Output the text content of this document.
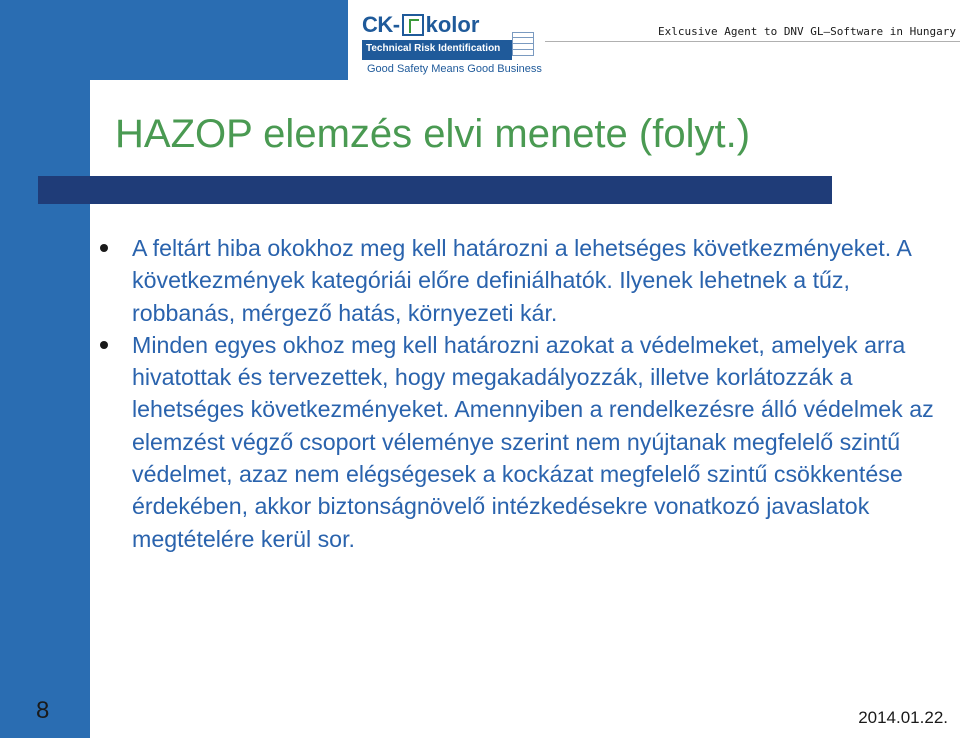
CK- kolor
Technical Risk Identification
Good Safety Means Good Business
Exlcusive Agent to DNV GL—Software in Hungary
HAZOP elemzés elvi menete (folyt.)
A feltárt hiba okokhoz meg kell határozni a lehetséges következményeket. A következmények kategóriái előre definiálhatók. Ilyenek lehetnek a tűz, robbanás, mérgező hatás, környezeti kár.
Minden egyes okhoz meg kell határozni azokat a védelmeket, amelyek arra hivatottak és tervezettek, hogy megakadályozzák, illetve korlátozzák a lehetséges következményeket. Amennyiben a rendelkezésre álló védelmek az elemzést végző csoport véleménye szerint nem nyújtanak megfelelő szintű védelmet, azaz nem elégségesek a kockázat megfelelő szintű csökkentése érdekében, akkor biztonságnövelő intézkedésekre vonatkozó javaslatok megtételére kerül sor.
8	2014.01.22.
